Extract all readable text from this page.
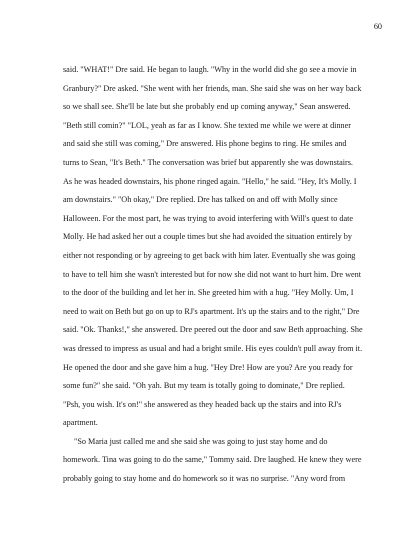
60

said. "WHAT!" Dre said. He began to laugh. "Why in the world did she go see a movie in

Granbury?" Dre asked. "She went with her friends, man. She said she was on her way back

so we shall see. She'll be late but she probably end up coming anyway," Sean answered.

"Beth still comin?" "LOL, yeah as far as I know. She texted me while we were at dinner

and said she still was coming," Dre answered. His phone begins to ring. He smiles and

turns to Sean, "It's Beth." The conversation was brief but apparently she was downstairs.

As he was headed downstairs, his phone ringed again. "Hello," he said. "Hey, It's Molly. I

am downstairs." "Oh okay," Dre replied. Dre has talked on and off with Molly since

Halloween. For the most part, he was trying to avoid interfering with Will's quest to date

Molly. He had asked her out a couple times but she had avoided the situation entirely by

either not responding or by agreeing to get back with him later. Eventually she was going

to have to tell him she wasn't interested but for now she did not want to hurt him. Dre went

to the door of the building and let her in. She greeted him with a hug. "Hey Molly. Um, I

need to wait on Beth but go on up to RJ's apartment. It's up the stairs and to the right," Dre

said. "Ok. Thanks!," she answered. Dre peered out the door and saw Beth approaching. She

was dressed to impress as usual and had a bright smile. His eyes couldn't pull away from it.

He opened the door and she gave him a hug. "Hey Dre! How are you? Are you ready for

some fun?" she said. "Oh yah. But my team is totally going to dominate," Dre replied.

"Psh, you wish. It's on!" she answered as they headed back up the stairs and into RJ's

apartment.

"So Maria just called me and she said she was going to just stay home and do

homework. Tina was going to do the same," Tommy said. Dre laughed. He knew they were

probably going to stay home and do homework so it was no surprise. "Any word from
